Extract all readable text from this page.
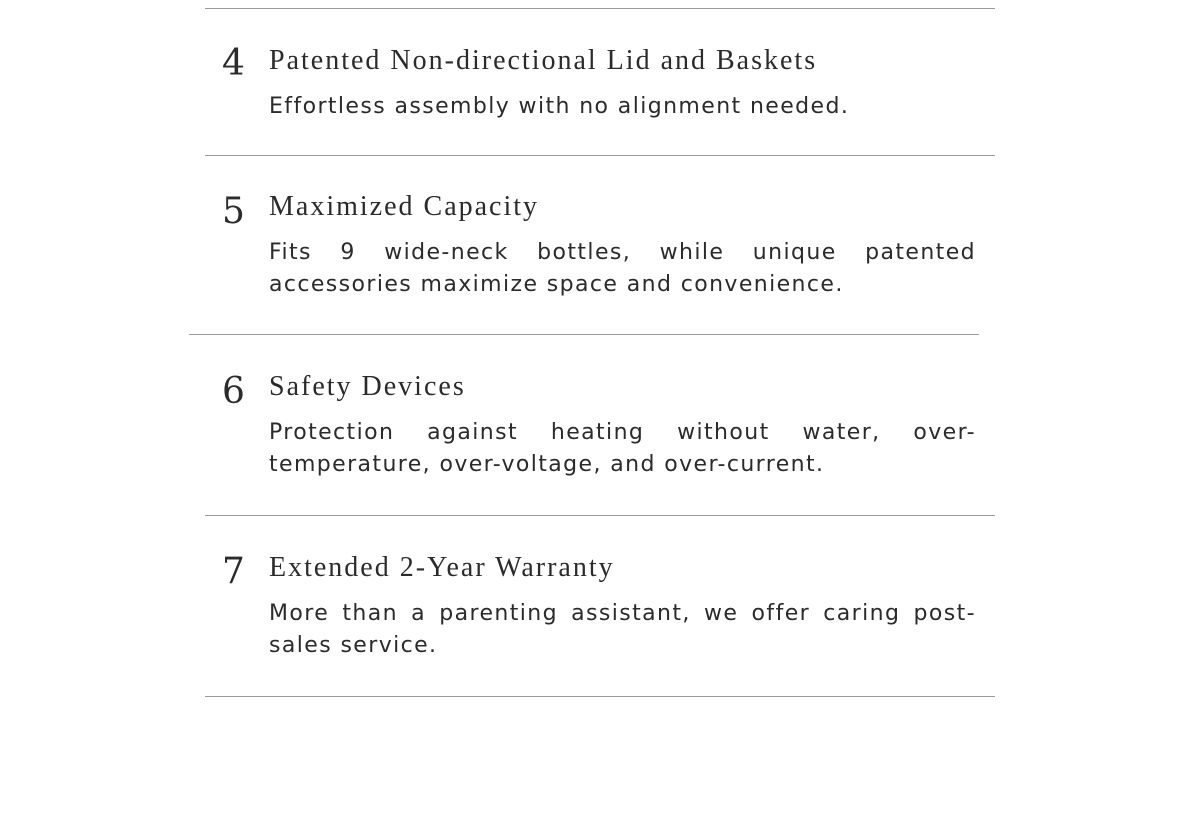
4 Patented Non-directional Lid and Baskets

Effortless assembly with no alignment needed.

5 Maximized Capacity

Fits 9 wide-neck bottles, while unique patented accessories maximize space and convenience.

6 Safety Devices

Protection against heating without water, over-temperature, over-voltage, and over-current.

7 Extended 2-Year Warranty

More than a parenting assistant, we offer caring post-sales service.
